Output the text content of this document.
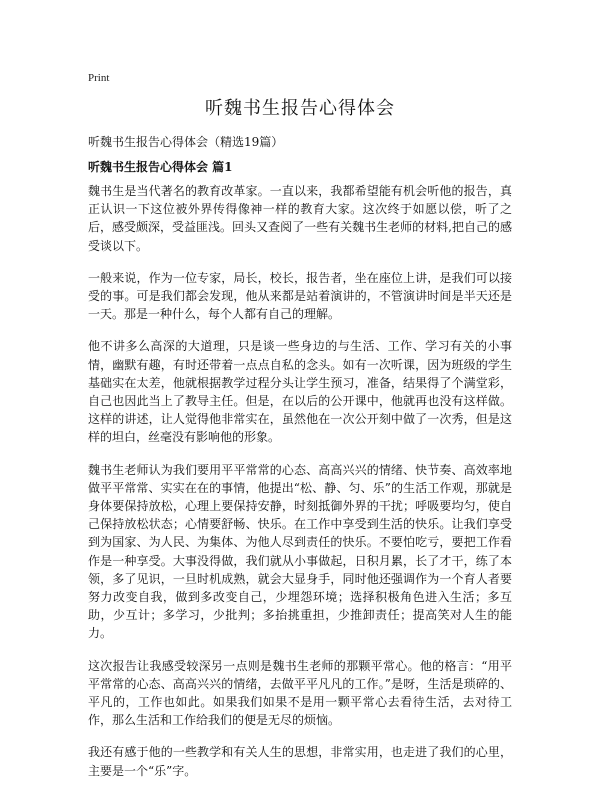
Print
听魏书生报告心得体会

听魏书生报告心得体会（精选19篇）

听魏书生报告心得体会 篇1

魏书生是当代著名的教育改革家。一直以来，我都希望能有机会听他的报告，真正认识一下这位被外界传得像神一样的教育大家。这次终于如愿以偿，听了之后，感受颇深，受益匪浅。回头又查阅了一些有关魏书生老师的材料,把自己的感受谈以下。

一般来说，作为一位专家，局长，校长，报告者，坐在座位上讲，是我们可以接受的事。可是我们都会发现，他从来都是站着演讲的，不管演讲时间是半天还是一天。那是一种什么，每个人都有自己的理解。

他不讲多么高深的大道理，只是谈一些身边的与生活、工作、学习有关的小事情，幽默有趣，有时还带着一点点自私的念头。如有一次听课，因为班级的学生基础实在太差，他就根据教学过程分头让学生预习，准备，结果得了个满堂彩，自己也因此当上了教导主任。但是，在以后的公开课中，他就再也没有这样做。这样的讲述，让人觉得他非常实在，虽然他在一次公开刻中做了一次秀，但是这样的坦白，丝毫没有影响他的形象。

魏书生老师认为我们要用平平常常的心态、高高兴兴的情绪、快节奏、高效率地做平平常常、实实在在的事情，他提出“松、静、匀、乐”的生活工作观，那就是身体要保持放松，心理上要保持安静，时刻抵御外界的干扰；呼吸要均匀，使自己保持放松状态；心情要舒畅、快乐。在工作中享受到生活的快乐。让我们享受到为国家、为人民、为集体、为他人尽到责任的快乐。不要怕吃亏，要把工作看作是一种享受。大事没得做，我们就从小事做起，日积月累，长了才干，练了本领，多了见识，一旦时机成熟，就会大显身手，同时他还强调作为一个育人者要努力改变自我，做到多改变自己，少埋怨环境；选择积极角色进入生活；多互助，少互计；多学习，少批判；多抬挑重担，少推卸责任；提高笑对人生的能力。

这次报告让我感受较深另一点则是魏书生老师的那颗平常心。他的格言：“用平平常常的心态、高高兴兴的情绪，去做平平凡凡的工作。”是呀，生活是琐碎的、平凡的，工作也如此。如果我们如果不是用一颗平常心去看待生活，去对待工作，那么生活和工作给我们的便是无尽的烦恼。

我还有感于他的一些教学和有关人生的思想，非常实用，也走进了我们的心里，主要是一个“乐”字。
